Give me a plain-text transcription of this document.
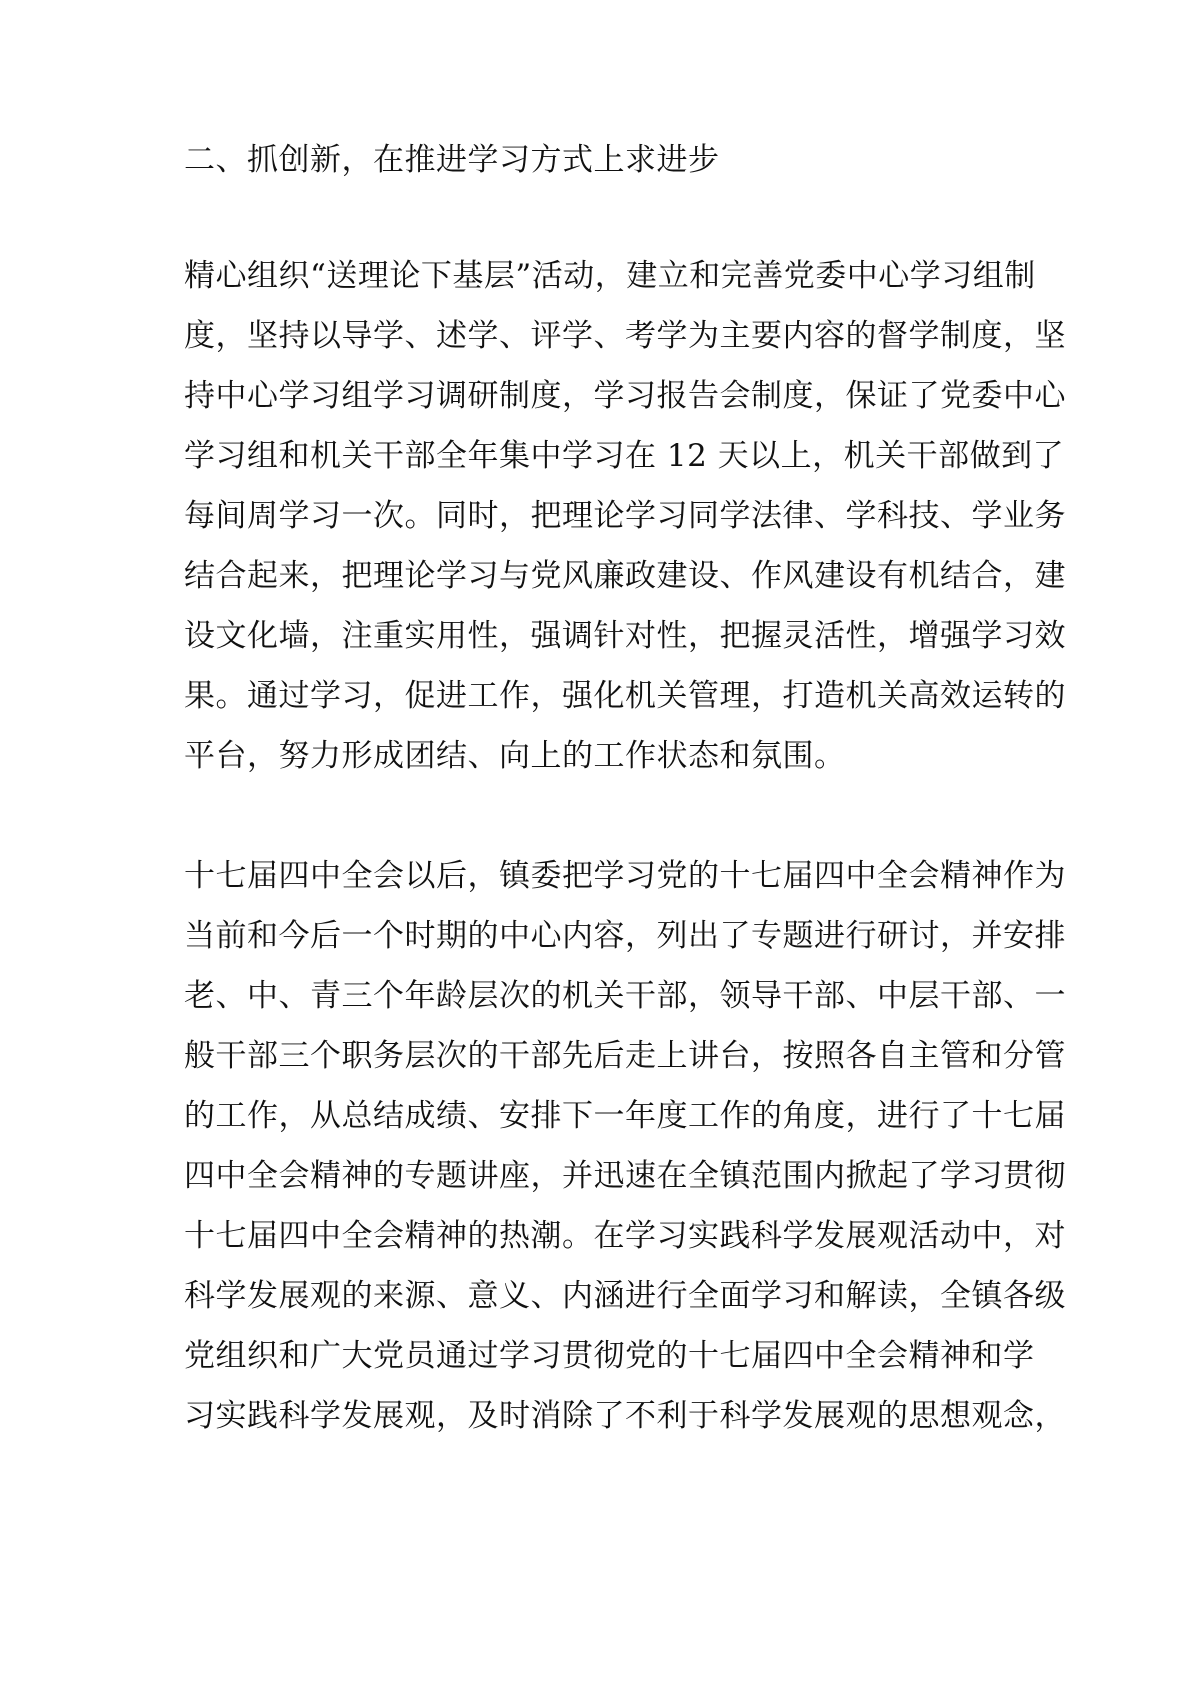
二、抓创新，在推进学习方式上求进步

精心组织“送理论下基层”活动，建立和完善党委中心学习组制

度，坚持以导学、述学、评学、考学为主要内容的督学制度，坚

持中心学习组学习调研制度，学习报告会制度，保证了党委中心

学习组和机关干部全年集中学习在 12 天以上，机关干部做到了

每间周学习一次。同时，把理论学习同学法律、学科技、学业务

结合起来，把理论学习与党风廉政建设、作风建设有机结合，建

设文化墙，注重实用性，强调针对性，把握灵活性，增强学习效

果。通过学习，促进工作，强化机关管理，打造机关高效运转的

平台，努力形成团结、向上的工作状态和氛围。

十七届四中全会以后，镇委把学习党的十七届四中全会精神作为

当前和今后一个时期的中心内容，列出了专题进行研讨，并安排

老、中、青三个年龄层次的机关干部，领导干部、中层干部、一

般干部三个职务层次的干部先后走上讲台，按照各自主管和分管

的工作，从总结成绩、安排下一年度工作的角度，进行了十七届

四中全会精神的专题讲座，并迅速在全镇范围内掀起了学习贯彻

十七届四中全会精神的热潮。在学习实践科学发展观活动中，对

科学发展观的来源、意义、内涵进行全面学习和解读，全镇各级

党组织和广大党员通过学习贯彻党的十七届四中全会精神和学

习实践科学发展观，及时消除了不利于科学发展观的思想观念，
